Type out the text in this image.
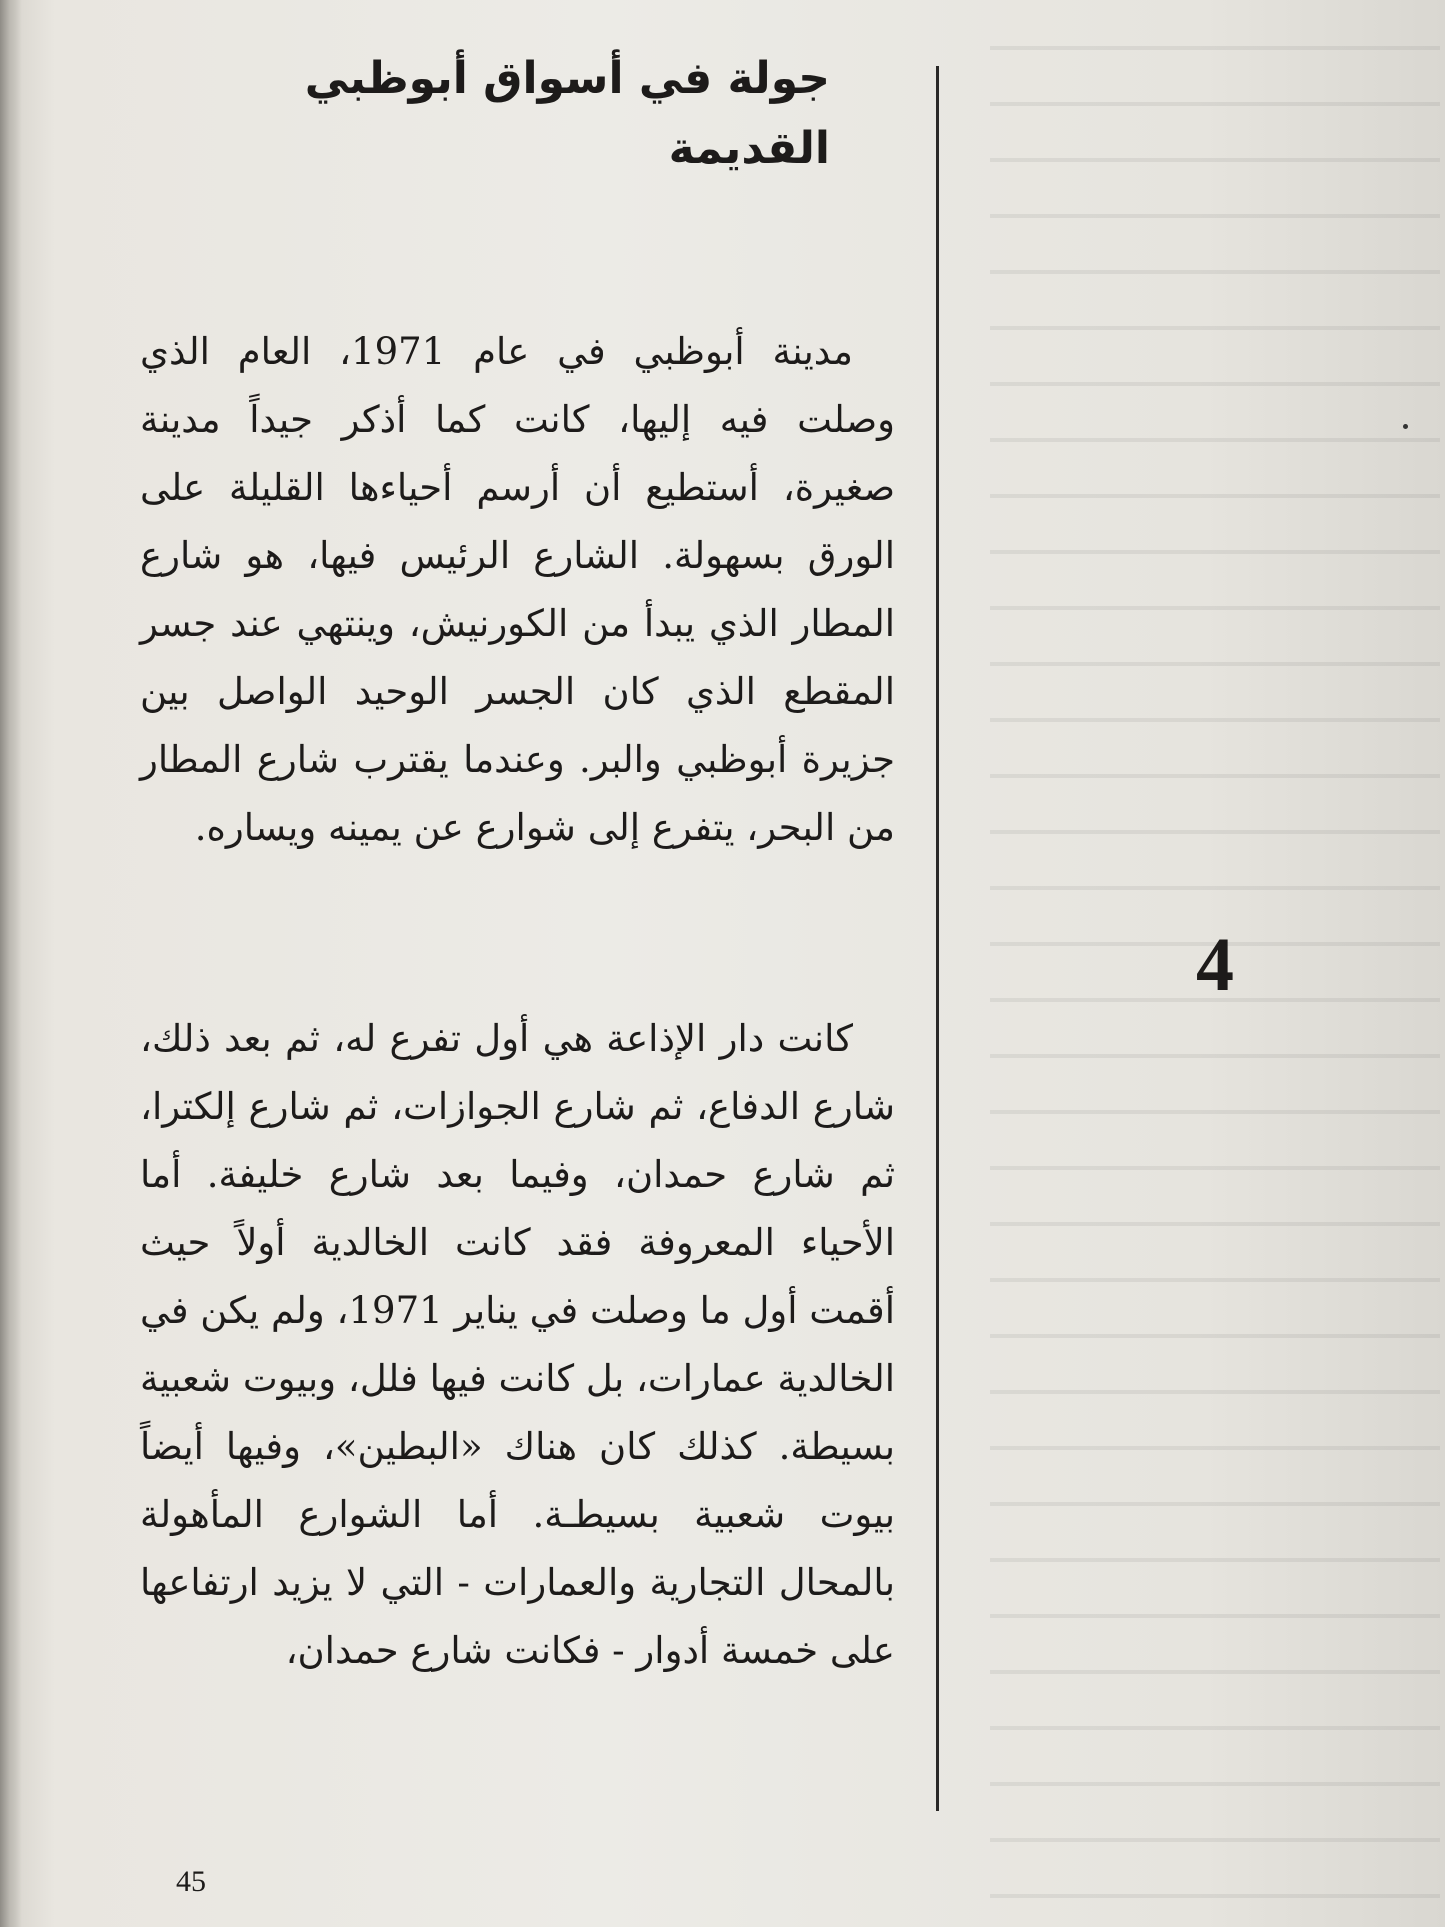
جولة في أسواق أبوظبي القديمة
4

مدينة أبوظبي في عام 1971، العام الذي وصلت فيه إليها، كانت كما أذكر جيداً مدينة صغيرة، أستطيع أن أرسم أحياءها القليلة على الورق بسهولة. الشارع الرئيس فيها، هو شارع المطار الذي يبدأ من الكورنيش، وينتهي عند جسر المقطع الذي كان الجسر الوحيد الواصل بين جزيرة أبوظبي والبر. وعندما يقترب شارع المطار من البحر، يتفرع إلى شوارع عن يمينه ويساره.

كانت دار الإذاعة هي أول تفرع له، ثم بعد ذلك، شارع الدفاع، ثم شارع الجوازات، ثم شارع إلكترا، ثم شارع حمدان، وفيما بعد شارع خليفة. أما الأحياء المعروفة فقد كانت الخالدية أولاً حيث أقمت أول ما وصلت في يناير 1971، ولم يكن في الخالدية عمارات، بل كانت فيها فلل، وبيوت شعبية بسيطة. كذلك كان هناك «البطين»، وفيها أيضاً بيوت شعبية بسيطـة. أما الشوارع المأهولة بالمحال التجارية والعمارات - التي لا يزيد ارتفاعها على خمسة أدوار - فكانت شارع حمدان،

45
